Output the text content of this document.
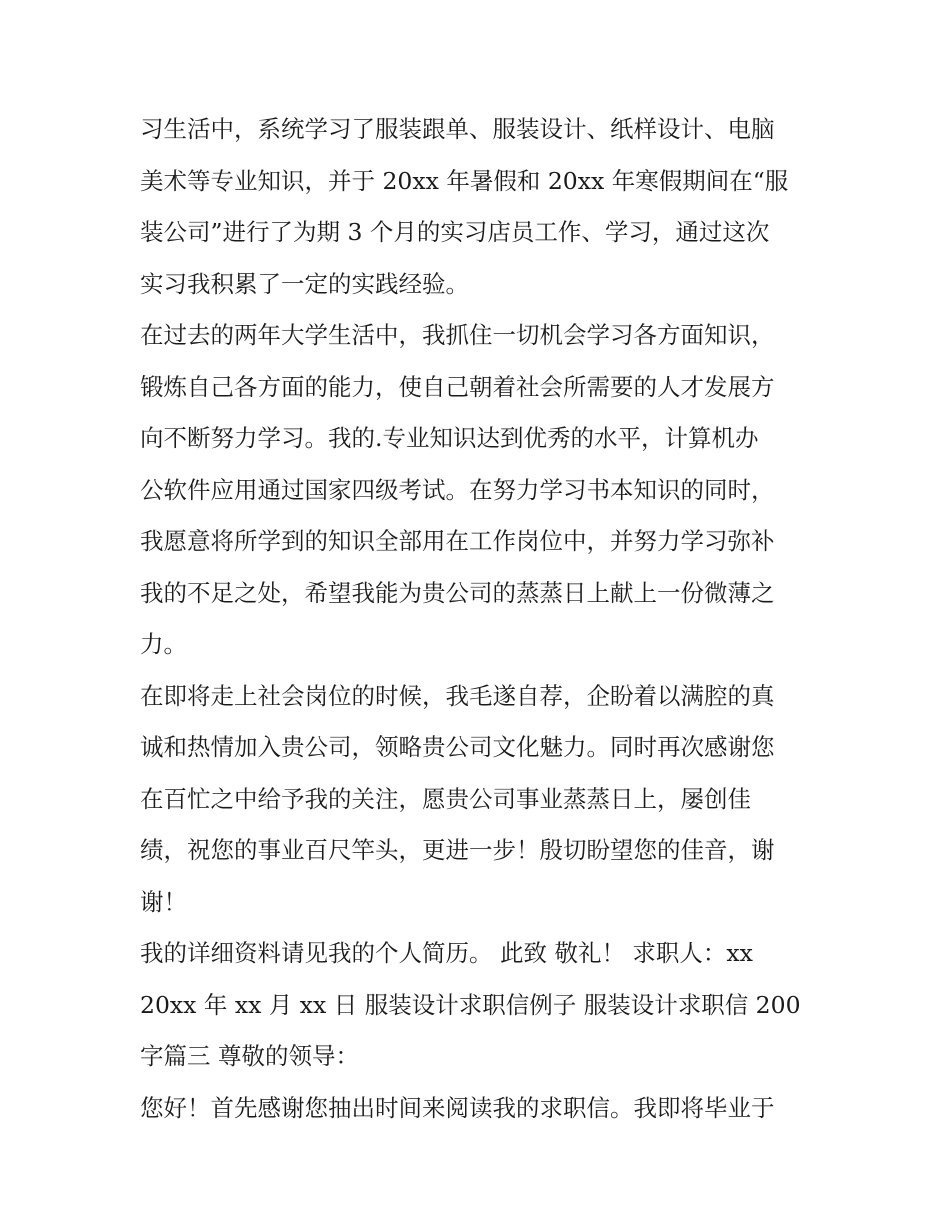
习生活中，系统学习了服装跟单、服装设计、纸样设计、电脑
美术等专业知识，并于 20xx 年暑假和 20xx 年寒假期间在“服
装公司”进行了为期 3 个月的实习店员工作、学习，通过这次
实习我积累了一定的实践经验。
在过去的两年大学生活中，我抓住一切机会学习各方面知识，
锻炼自己各方面的能力，使自己朝着社会所需要的人才发展方
向不断努力学习。我的.专业知识达到优秀的水平，计算机办
公软件应用通过国家四级考试。在努力学习书本知识的同时，
我愿意将所学到的知识全部用在工作岗位中，并努力学习弥补
我的不足之处，希望我能为贵公司的蒸蒸日上献上一份微薄之
力。
在即将走上社会岗位的时候，我毛遂自荐，企盼着以满腔的真
诚和热情加入贵公司，领略贵公司文化魅力。同时再次感谢您
在百忙之中给予我的关注，愿贵公司事业蒸蒸日上，屡创佳
绩，祝您的事业百尺竿头，更进一步！殷切盼望您的佳音，谢
谢！
我的详细资料请见我的个人简历。 此致 敬礼！ 求职人：xx
20xx 年 xx 月 xx 日 服装设计求职信例子 服装设计求职信 200
字篇三 尊敬的领导：
您好！首先感谢您抽出时间来阅读我的求职信。我即将毕业于
